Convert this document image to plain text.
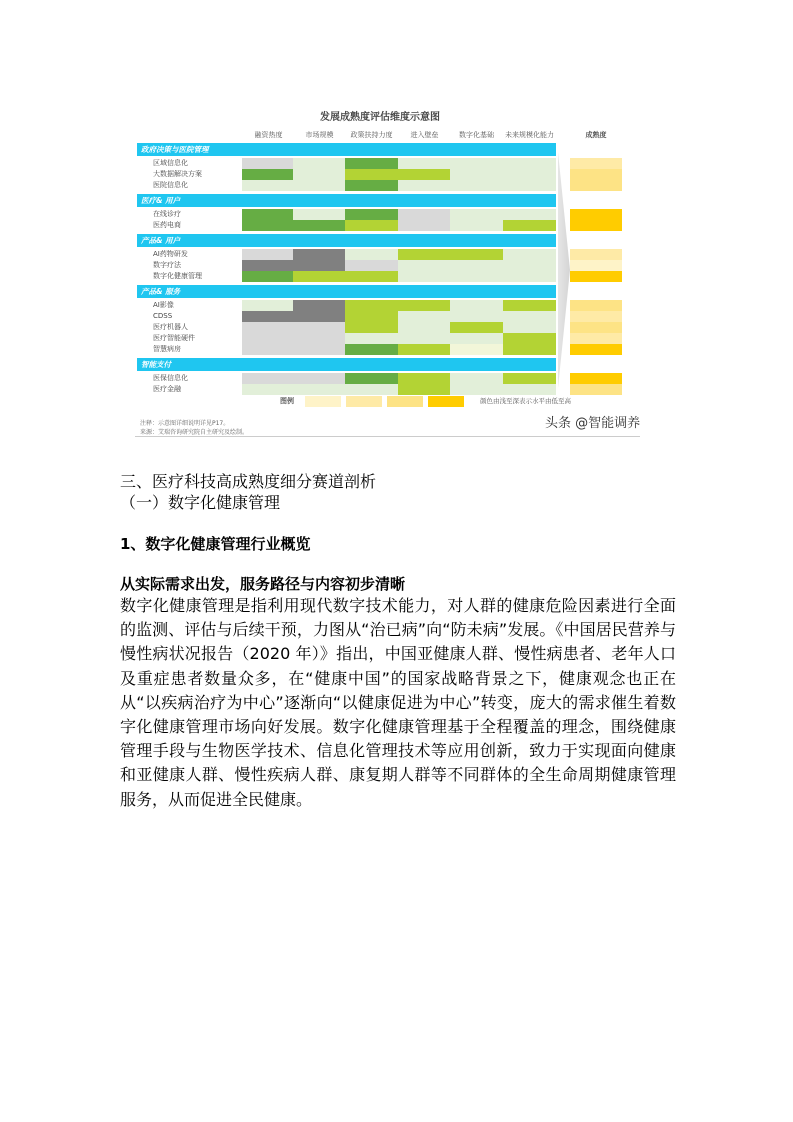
发展成熟度评估维度示意图
融资热度	市场规模	政策扶持力度	进入壁垒	数字化基础	未来规模化能力	成熟度
政府决策与医院管理
区域信息化
大数据解决方案
医院信息化
医疗& 用户
在线诊疗
医药电商
产品& 用户
AI药物研发
数字疗法
数字化健康管理
产品& 服务
AI影像
CDSS
医疗机器人
医疗智能硬件
智慧病房
智能支付
医保信息化
医疗金融
图例	颜色由浅至深表示水平由低至高
注释：示意图详细说明详见P17。
来源：艾瑞咨询研究院自主研究及绘制。
头条 @智能调养
三、医疗科技高成熟度细分赛道剖析
（一）数字化健康管理
1、数字化健康管理行业概览
从实际需求出发，服务路径与内容初步清晰
数字化健康管理是指利用现代数字技术能力，对人群的健康危险因素进行全面的监测、评估与后续干预，力图从“治已病”向“防未病”发展。《中国居民营养与慢性病状况报告（2020 年）》指出，中国亚健康人群、慢性病患者、老年人口及重症患者数量众多，在“健康中国”的国家战略背景之下，健康观念也正在从“以疾病治疗为中心”逐渐向“以健康促进为中心”转变，庞大的需求催生着数字化健康管理市场向好发展。数字化健康管理基于全程覆盖的理念，围绕健康管理手段与生物医学技术、信息化管理技术等应用创新，致力于实现面向健康和亚健康人群、慢性疾病人群、康复期人群等不同群体的全生命周期健康管理服务，从而促进全民健康。
